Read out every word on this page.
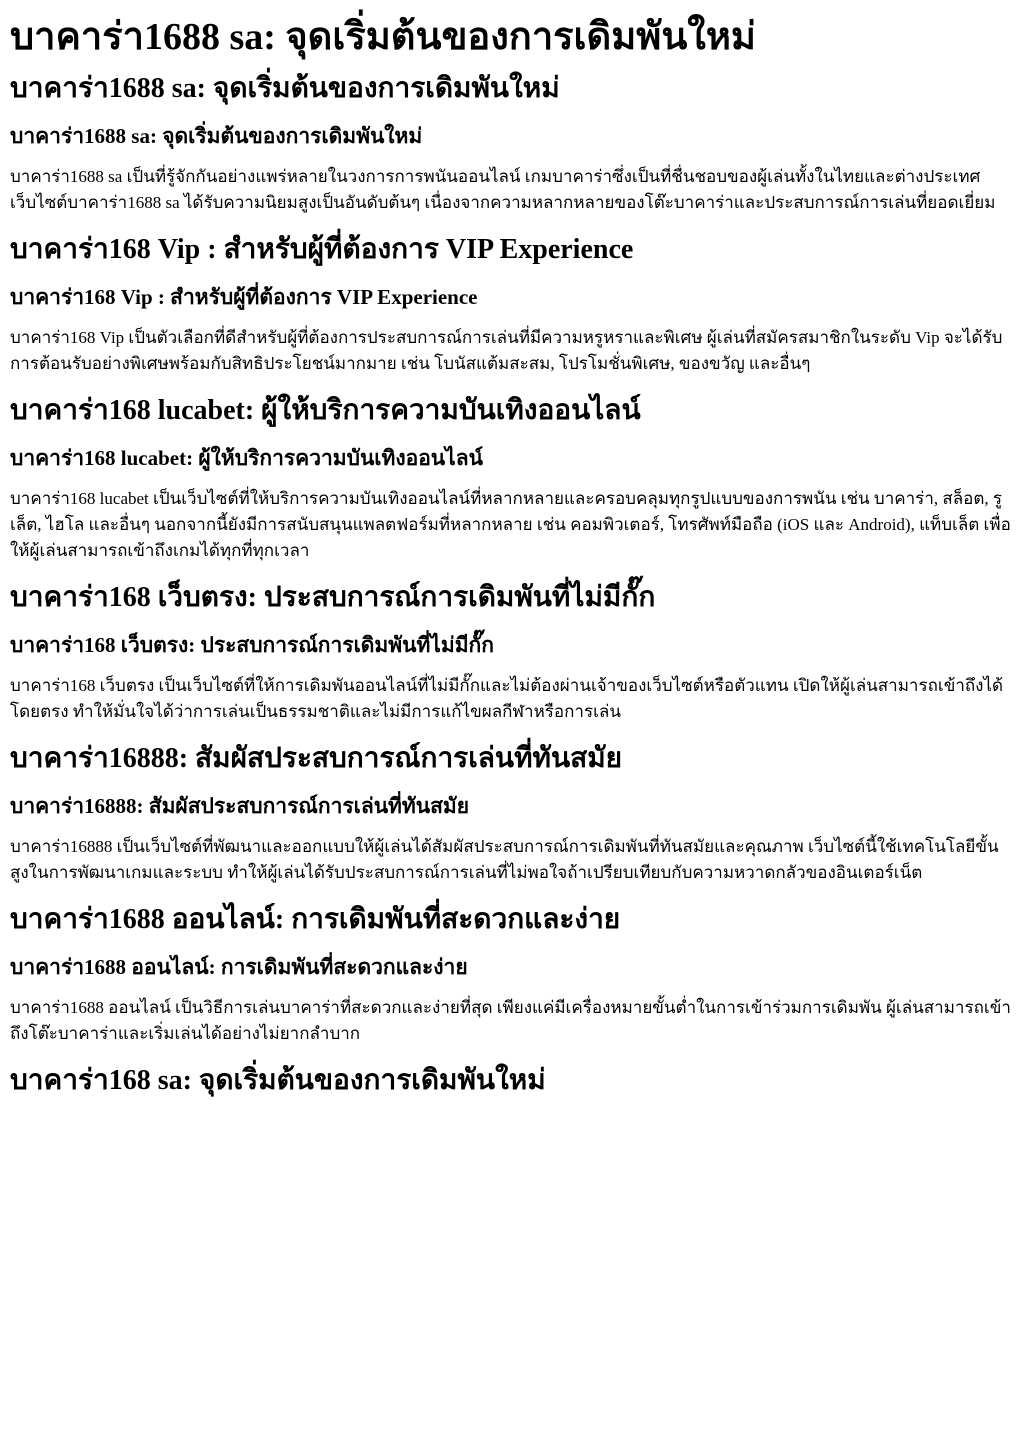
บาคาร่า1688 sa: จุดเริ่มต้นของการเดิมพันใหม่
บาคาร่า1688 sa: จุดเริ่มต้นของการเดิมพันใหม่
บาคาร่า1688 sa: จุดเริ่มต้นของการเดิมพันใหม่

บาคาร่า1688 sa เป็นที่รู้จักกันอย่างแพร่หลายในวงการการพนันออนไลน์ เกมบาคาร่าซึ่งเป็นที่ชื่นชอบของผู้เล่นทั้งในไทยและต่างประเทศ เว็บไซต์บาคาร่า1688 sa ได้รับความนิยมสูงเป็นอันดับต้นๆ เนื่องจากความหลากหลายของโต๊ะบาคาร่าและประสบการณ์การเล่นที่ยอดเยี่ยม

บาคาร่า168 Vip : สำหรับผู้ที่ต้องการ VIP Experience
บาคาร่า168 Vip : สำหรับผู้ที่ต้องการ VIP Experience

บาคาร่า168 Vip เป็นตัวเลือกที่ดีสำหรับผู้ที่ต้องการประสบการณ์การเล่นที่มีความหรูหราและพิเศษ ผู้เล่นที่สมัครสมาชิกในระดับ Vip จะได้รับการต้อนรับอย่างพิเศษพร้อมกับสิทธิประโยชน์มากมาย เช่น โบนัสแต้มสะสม, โปรโมชั่นพิเศษ, ของขวัญ และอื่นๆ

บาคาร่า168 lucabet: ผู้ให้บริการความบันเทิงออนไลน์
บาคาร่า168 lucabet: ผู้ให้บริการความบันเทิงออนไลน์

บาคาร่า168 lucabet เป็นเว็บไซต์ที่ให้บริการความบันเทิงออนไลน์ที่หลากหลายและครอบคลุมทุกรูปแบบของการพนัน เช่น บาคาร่า, สล็อต, รูเล็ต, ไฮโล และอื่นๆ นอกจากนี้ยังมีการสนับสนุนแพลตฟอร์มที่หลากหลาย เช่น คอมพิวเตอร์, โทรศัพท์มือถือ (iOS และ Android), แท็บเล็ต เพื่อให้ผู้เล่นสามารถเข้าถึงเกมได้ทุกที่ทุกเวลา

บาคาร่า168 เว็บตรง: ประสบการณ์การเดิมพันที่ไม่มีกั๊ก
บาคาร่า168 เว็บตรง: ประสบการณ์การเดิมพันที่ไม่มีกั๊ก

บาคาร่า168 เว็บตรง เป็นเว็บไซต์ที่ให้การเดิมพันออนไลน์ที่ไม่มีกั๊กและไม่ต้องผ่านเจ้าของเว็บไซต์หรือตัวแทน เปิดให้ผู้เล่นสามารถเข้าถึงได้โดยตรง ทำให้มั่นใจได้ว่าการเล่นเป็นธรรมชาติและไม่มีการแก้ไขผลกีฬาหรือการเล่น

บาคาร่า16888: สัมผัสประสบการณ์การเล่นที่ทันสมัย
บาคาร่า16888: สัมผัสประสบการณ์การเล่นที่ทันสมัย

บาคาร่า16888 เป็นเว็บไซต์ที่พัฒนาและออกแบบให้ผู้เล่นได้สัมผัสประสบการณ์การเดิมพันที่ทันสมัยและคุณภาพ เว็บไซต์นี้ใช้เทคโนโลยีขั้นสูงในการพัฒนาเกมและระบบ ทำให้ผู้เล่นได้รับประสบการณ์การเล่นที่ไม่พอใจถ้าเปรียบเทียบกับความหวาดกลัวของอินเตอร์เน็ต

บาคาร่า1688 ออนไลน์: การเดิมพันที่สะดวกและง่าย
บาคาร่า1688 ออนไลน์: การเดิมพันที่สะดวกและง่าย

บาคาร่า1688 ออนไลน์ เป็นวิธีการเล่นบาคาร่าที่สะดวกและง่ายที่สุด เพียงแค่มีเครื่องหมายขั้นต่ำในการเข้าร่วมการเดิมพัน ผู้เล่นสามารถเข้าถึงโต๊ะบาคาร่าและเริ่มเล่นได้อย่างไม่ยากลำบาก

บาคาร่า168 sa: จุดเริ่มต้นของการเดิมพันใหม่
